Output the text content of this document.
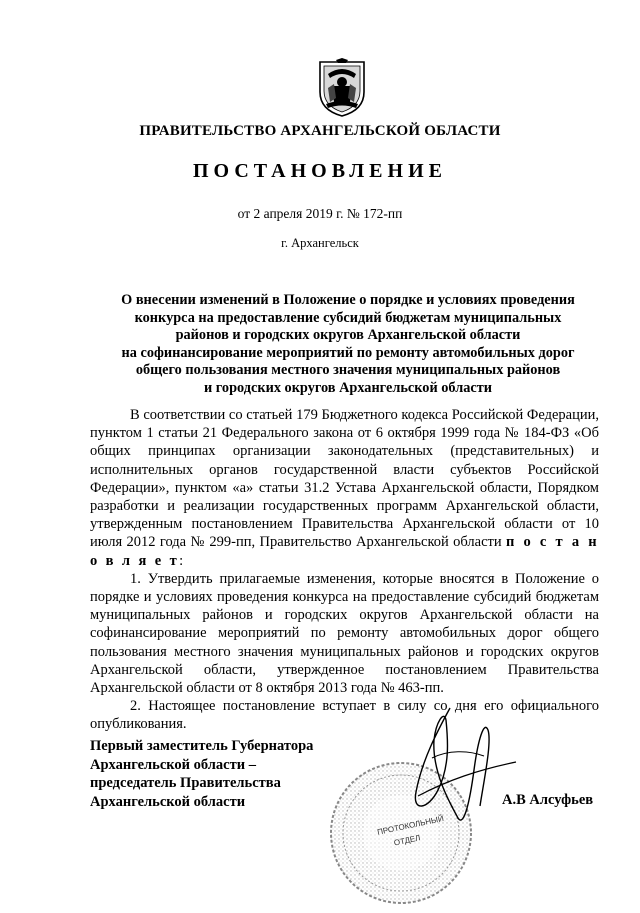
ПРАВИТЕЛЬСТВО АРХАНГЕЛЬСКОЙ ОБЛАСТИ
ПОСТАНОВЛЕНИЕ
от 2 апреля 2019 г. № 172-пп
г. Архангельск
О внесении изменений в Положение о порядке и условиях проведения
конкурса на предоставление субсидий бюджетам муниципальных
районов и городских округов Архангельской области
на софинансирование мероприятий по ремонту автомобильных дорог
общего пользования местного значения муниципальных районов
и городских округов Архангельской области

В соответствии со статьей 179 Бюджетного кодекса Российской Федерации, пунктом 1 статьи 21 Федерального закона от 6 октября 1999 года № 184-ФЗ «Об общих принципах организации законодательных (представительных) и исполнительных органов государственной власти субъектов Российской Федерации», пунктом «а» статьи 31.2 Устава Архангельской области, Порядком разработки и реализации государственных программ Архангельской области, утвержденным постановлением Правительства Архангельской области от 10 июля 2012 года № 299-пп, Правительство Архангельской области п о с т а н о в л я е т:

1. Утвердить прилагаемые изменения, которые вносятся в Положение о порядке и условиях проведения конкурса на предоставление субсидий бюджетам муниципальных районов и городских округов Архангельской области на софинансирование мероприятий по ремонту автомобильных дорог общего пользования местного значения муниципальных районов и городских округов Архангельской области, утвержденное постановлением Правительства Архангельской области от 8 октября 2013 года № 463-пп.

2. Настоящее постановление вступает в силу со дня его официального опубликования.

ПРОТОКОЛЬНЫЙ
ОТДЕЛ
Первый заместитель Губернатора
Архангельской области –
председатель Правительства
Архангельской области	А.В Алсуфьев
